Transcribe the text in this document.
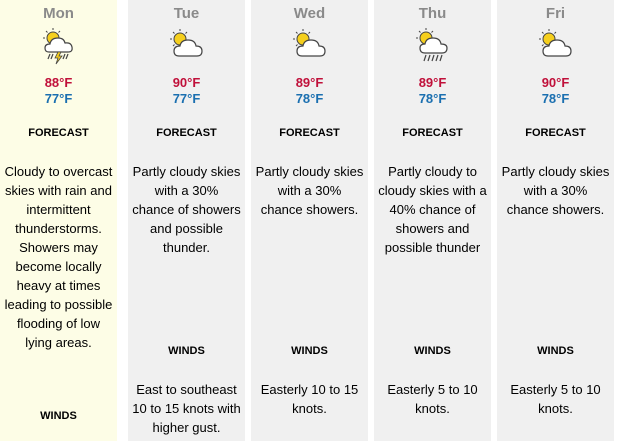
Mon
88°F
77°F
FORECAST
Cloudy to overcast skies with rain and intermittent thunderstorms. Showers may become locally heavy at times leading to possible flooding of low lying areas.
WINDS
Tue
90°F
77°F
FORECAST
Partly cloudy skies with a 30% chance of showers and possible thunder.
WINDS
East to southeast 10 to 15 knots with higher gust.
Wed
89°F
78°F
FORECAST
Partly cloudy skies with a 30% chance showers.
WINDS
Easterly 10 to 15 knots.
Thu
89°F
78°F
FORECAST
Partly cloudy to cloudy skies with a 40% chance of showers and possible thunder
WINDS
Easterly 5 to 10 knots.
Fri
90°F
78°F
FORECAST
Partly cloudy skies with a 30% chance showers.
WINDS
Easterly 5 to 10 knots.
